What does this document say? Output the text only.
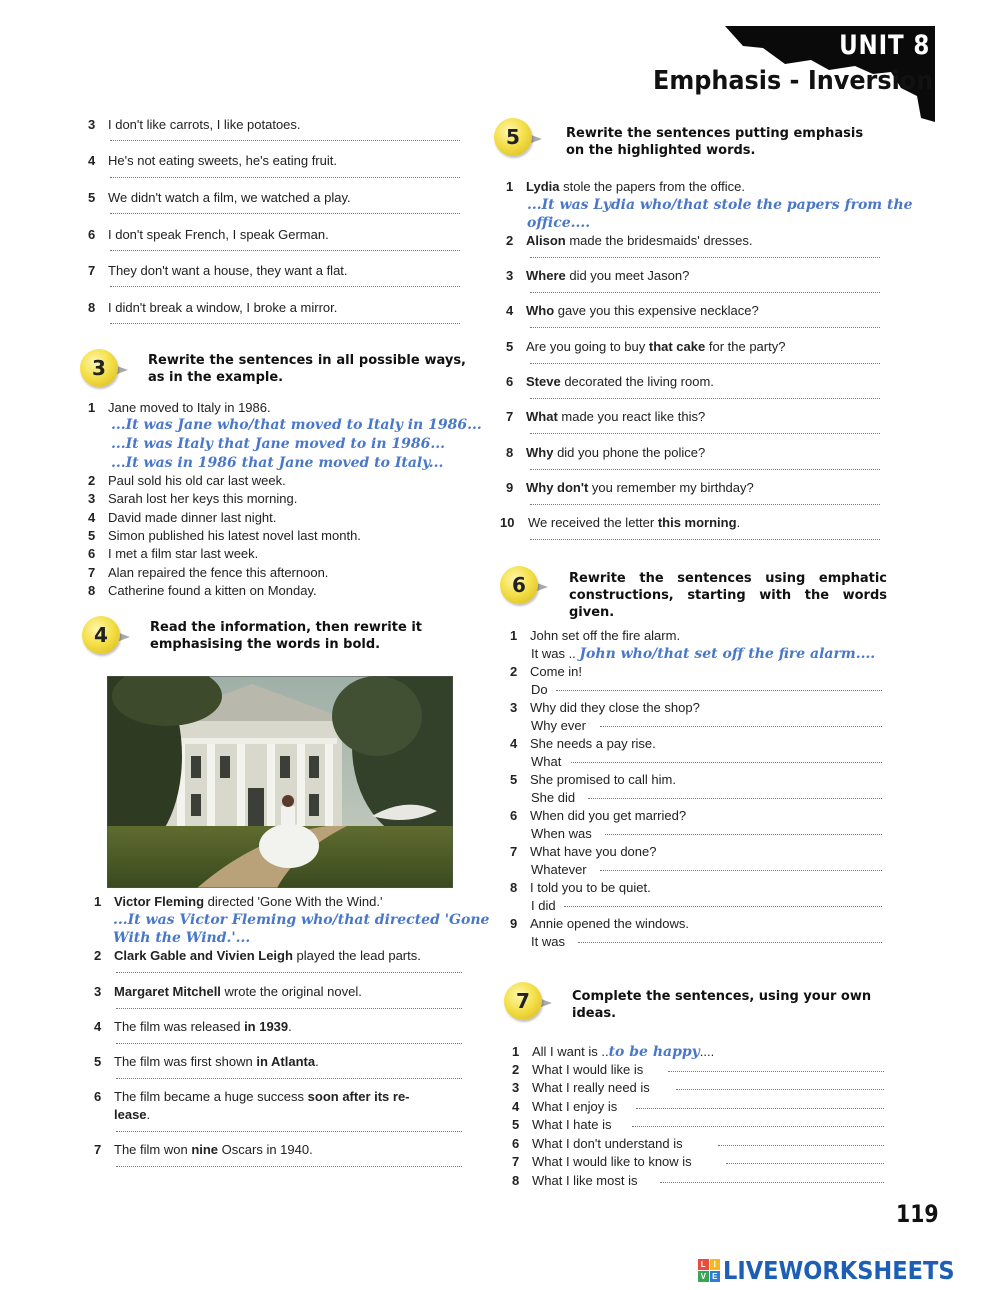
UNIT 8
Emphasis - Inversion
3 I don't like carrots, I like potatoes.
4 He's not eating sweets, he's eating fruit.
5 We didn't watch a film, we watched a play.
6 I don't speak French, I speak German.
7 They don't want a house, they want a flat.
8 I didn't break a window, I broke a mirror.
3	Rewrite the sentences in all possible ways, as in the example.
1 Jane moved to Italy in 1986.
...It was Jane who/that moved to Italy in 1986...
...It was Italy that Jane moved to in 1986...
...It was in 1986 that Jane moved to Italy...
2 Paul sold his old car last week.
3 Sarah lost her keys this morning.
4 David made dinner last night.
5 Simon published his latest novel last month.
6 I met a film star last week.
7 Alan repaired the fence this afternoon.
8 Catherine found a kitten on Monday.
4	Read the information, then rewrite it emphasising the words in bold.
1 Victor Fleming directed 'Gone With the Wind.'
...It was Victor Fleming who/that directed 'Gone
With the Wind.'...
2 Clark Gable and Vivien Leigh played the lead parts.
3 Margaret Mitchell wrote the original novel.
4 The film was released in 1939.
5 The film was first shown in Atlanta.
6 The film became a huge success soon after its re-
lease.
7 The film won nine Oscars in 1940.
5	Rewrite the sentences putting emphasis on the highlighted words.
1 Lydia stole the papers from the office.
...It was Lydia who/that stole the papers from the
office....
2 Alison made the bridesmaids' dresses.
3 Where did you meet Jason?
4 Who gave you this expensive necklace?
5 Are you going to buy that cake for the party?
6 Steve decorated the living room.
7 What made you react like this?
8 Why did you phone the police?
9 Why don't you remember my birthday?
10 We received the letter this morning.
6	Rewrite the sentences using emphatic constructions, starting with the words given.
1 John set off the fire alarm.
It was .. John who/that set off the fire alarm....
2 Come in!
Do
3 Why did they close the shop?
Why ever
4 She needs a pay rise.
What
5 She promised to call him.
She did
6 When did you get married?
When was
7 What have you done?
Whatever
8 I told you to be quiet.
I did
9 Annie opened the windows.
It was
7	Complete the sentences, using your own ideas.
1 All I want is ..to be happy....
2 What I would like is
3 What I really need is
4 What I enjoy is
5 What I hate is
6 What I don't understand is
7 What I would like to know is
8 What I like most is
119
L I
V E LIVEWORKSHEETS
